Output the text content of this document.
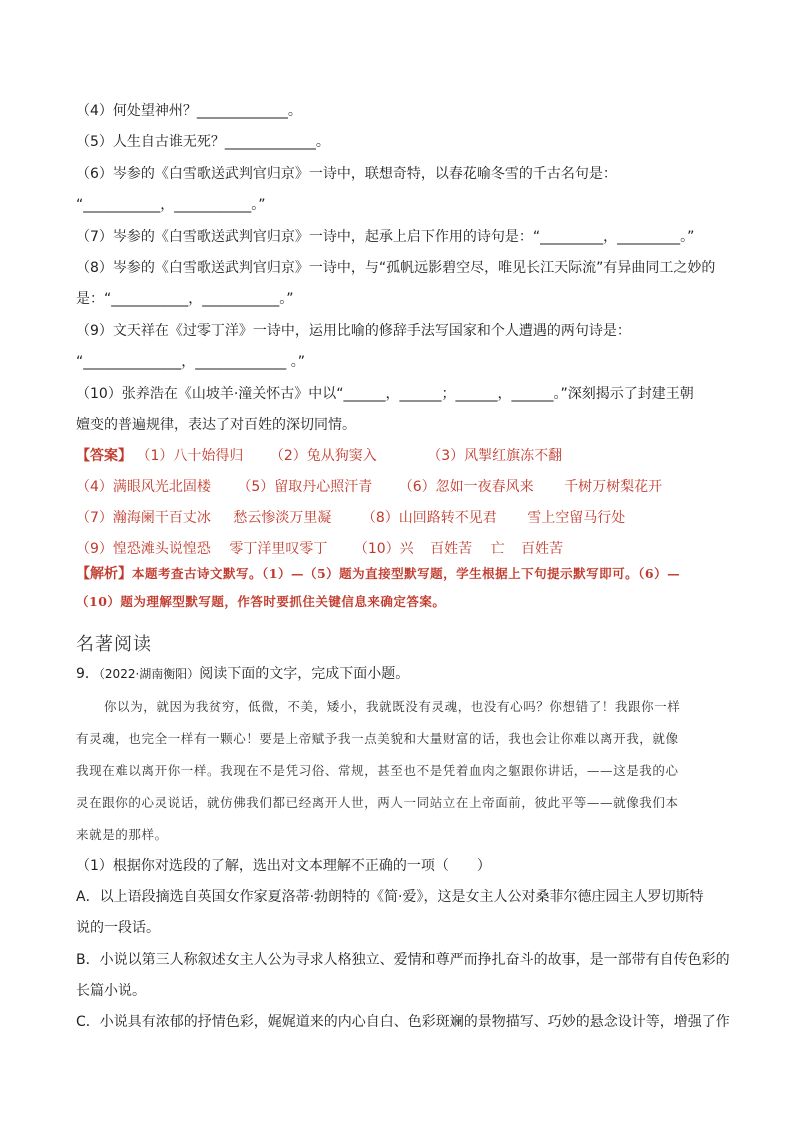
（4）何处望神州？_____________。
（5）人生自古谁无死？_____________。
（6）岑参的《白雪歌送武判官归京》一诗中，联想奇特，以春花喻冬雪的千古名句是：
“___________，___________。”
（7）岑参的《白雪歌送武判官归京》一诗中，起承上启下作用的诗句是：“_________，_________。”
（8）岑参的《白雪歌送武判官归京》一诗中，与“孤帆远影碧空尽，唯见长江天际流”有异曲同工之妙的
是：“___________，___________。”
（9）文天祥在《过零丁洋》一诗中，运用比喻的修辞手法写国家和个人遭遇的两句诗是：
“______________，_____________ 。”
（10）张养浩在《山坡羊·潼关怀古》中以“______，______；______，______。”深刻揭示了封建王朝
嬗变的普遍规律，表达了对百姓的深切同情。
【答案】 （1）八十始得归 （2）兔从狗窦入	（3）风掣红旗冻不翻
（4）满眼风光北固楼 （5）留取丹心照汗青 （6）忽如一夜春风来 千树万树梨花开
（7）瀚海阑干百丈冰 愁云惨淡万里凝 （8）山回路转不见君 雪上空留马行处
（9）惶恐滩头说惶恐 零丁洋里叹零丁 （10）兴 百姓苦 亡 百姓苦
【解析】本题考查古诗文默写。（1）—（5）题为直接型默写题，学生根据上下句提示默写即可。（6）—
（10）题为理解型默写题，作答时要抓住关键信息来确定答案。
名著阅读
9．（2022·湖南衡阳）阅读下面的文字，完成下面小题。
你以为，就因为我贫穷，低微，不美，矮小，我就既没有灵魂，也没有心吗？你想错了！我跟你一样
有灵魂，也完全一样有一颗心！要是上帝赋予我一点美貌和大量财富的话，我也会让你难以离开我，就像
我现在难以离开你一样。我现在不是凭习俗、常规，甚至也不是凭着血肉之躯跟你讲话，——这是我的心
灵在跟你的心灵说话，就仿佛我们都已经离开人世，两人一同站立在上帝面前，彼此平等——就像我们本
来就是的那样。
（1）根据你对选段的了解，选出对文本理解不正确的一项（　　）
A．以上语段摘选自英国女作家夏洛蒂·勃朗特的《简·爱》，这是女主人公对桑菲尔德庄园主人罗切斯特
说的一段话。
B．小说以第三人称叙述女主人公为寻求人格独立、爱情和尊严而挣扎奋斗的故事，是一部带有自传色彩的
长篇小说。
C．小说具有浓郁的抒情色彩，娓娓道来的内心自白、色彩斑斓的景物描写、巧妙的悬念设计等，增强了作
